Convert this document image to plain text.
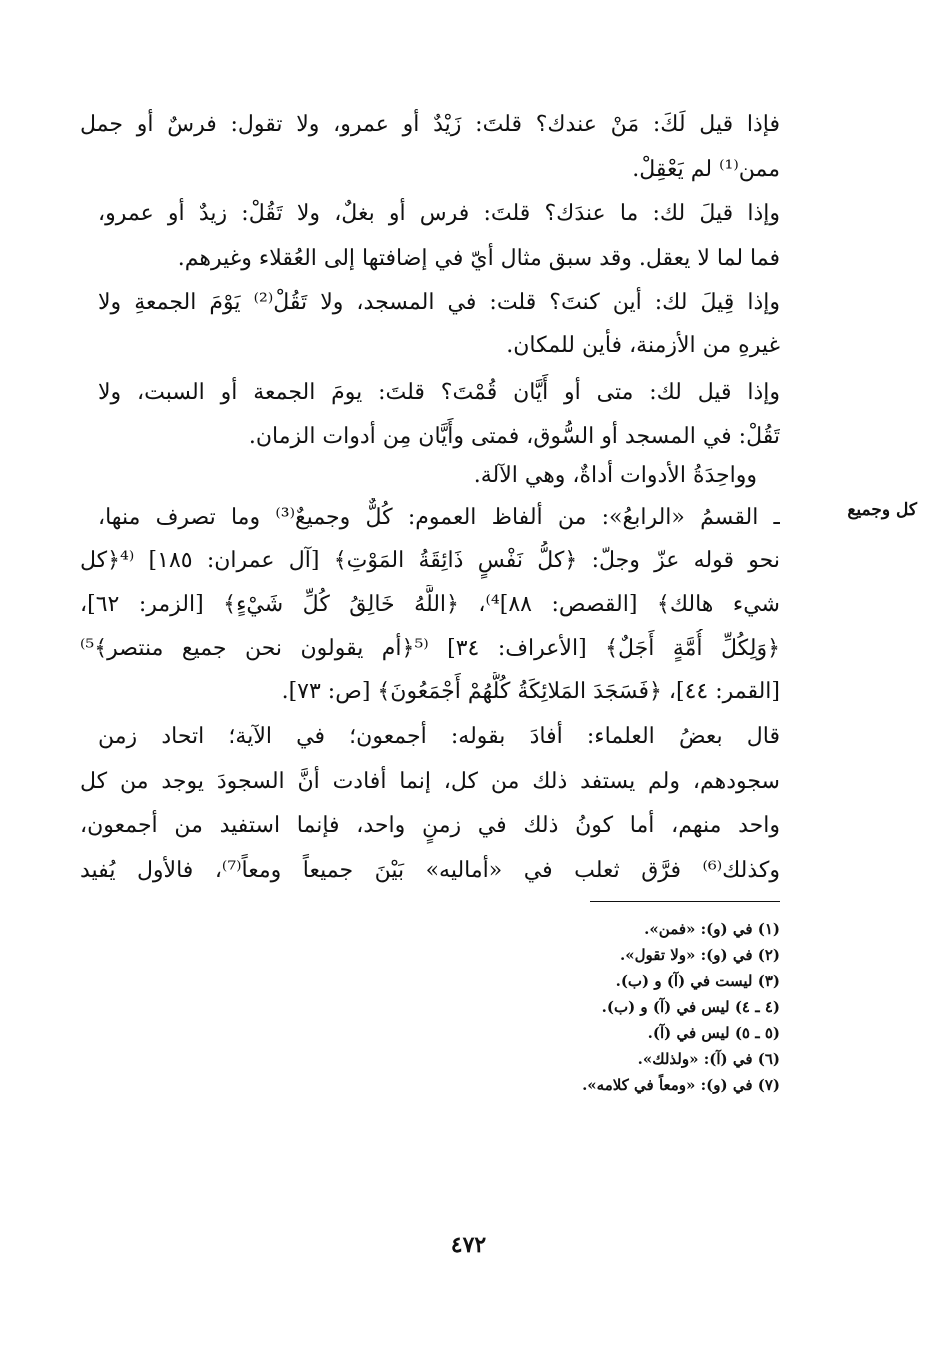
فإذا قيل لَكَ: مَنْ عندك؟ قلتَ: زَيْدٌ أو عمرو، ولا تقول: فرسٌ أو جمل
ممن⁽¹⁾ لم يَعْقِلْ.
وإذا قيلَ لك: ما عندَك؟ قلتَ: فرس أو بغلٌ، ولا تَقُلْ: زيدٌ أو عمرو،
فما لما لا يعقل. وقد سبق مثال أيّ في إضافتها إلى العُقلاء وغيرهم.
وإذا قِيلَ لك: أين كنتَ؟ قلت: في المسجد، ولا تَقُلْ⁽²⁾ يَوْمَ الجمعةِ ولا
غيرهِ من الأزمنة، فأين للمكان.
وإذا قيل لك: متى أو أَيَّان قُمْتَ؟ قلتَ: يومَ الجمعة أو السبت، ولا
تَقُلْ: في المسجد أو السُّوق، فمتى وأَيَّان مِن أدوات الزمان.
وواحِدَةُ الأدوات أداةٌ، وهي الآلة.
ـ القسمُ «الرابعُ»: من ألفاظ العموم: كُلٌّ وجميعٌ⁽³⁾ وما تصرف منها،
نحو قوله عزّ وجلّ: ﴿كلُّ نَفْسٍ ذَائِقَةُ المَوْتِ﴾ [آل عمران: ١٨٥] ⁽⁴﴿كل
شيء هالك﴾ [القصص: ٨٨]⁴⁾، ﴿اللَّهُ خَالِقُ كُلِّ شَيْءٍ﴾ [الزمر: ٦٢]،
﴿وَلِكُلِّ أُمَّةٍ أَجَلٌ﴾ [الأعراف: ٣٤] ⁽⁵﴿أم يقولون نحن جميع منتصر﴾⁵⁾
[القمر: ٤٤]، ﴿فَسَجَدَ المَلائِكَةُ كُلُّهُمْ أَجْمَعُونَ﴾ [ص: ٧٣].
قال بعضُ العلماء: أفادَ بقوله: أجمعون؛ في الآية؛ اتحاد زمن
سجودهم، ولم يستفد ذلك من كل، إنما أفادت أنَّ السجودَ يوجد من كل
واحد منهم، أما كونُ ذلك في زمنٍ واحد، فإنما استفيد من أجمعون،
وكذلك⁽⁶⁾ فرَّق ثعلب في «أماليه» بَيْنَ جميعاً ومعاً⁽⁷⁾، فالأول يُفيد
كل وجميع
(١) في (و): «فمن».
(٢) في (و): «ولا تقول».
(٣) ليست في (آ) و (ب).
(٤ ـ ٤) ليس في (آ) و (ب).
(٥ ـ ٥) ليس في (آ).
(٦) في (آ): «ولذلك».
(٧) في (و): «ومعاً في كلامه».
٤٧٢
